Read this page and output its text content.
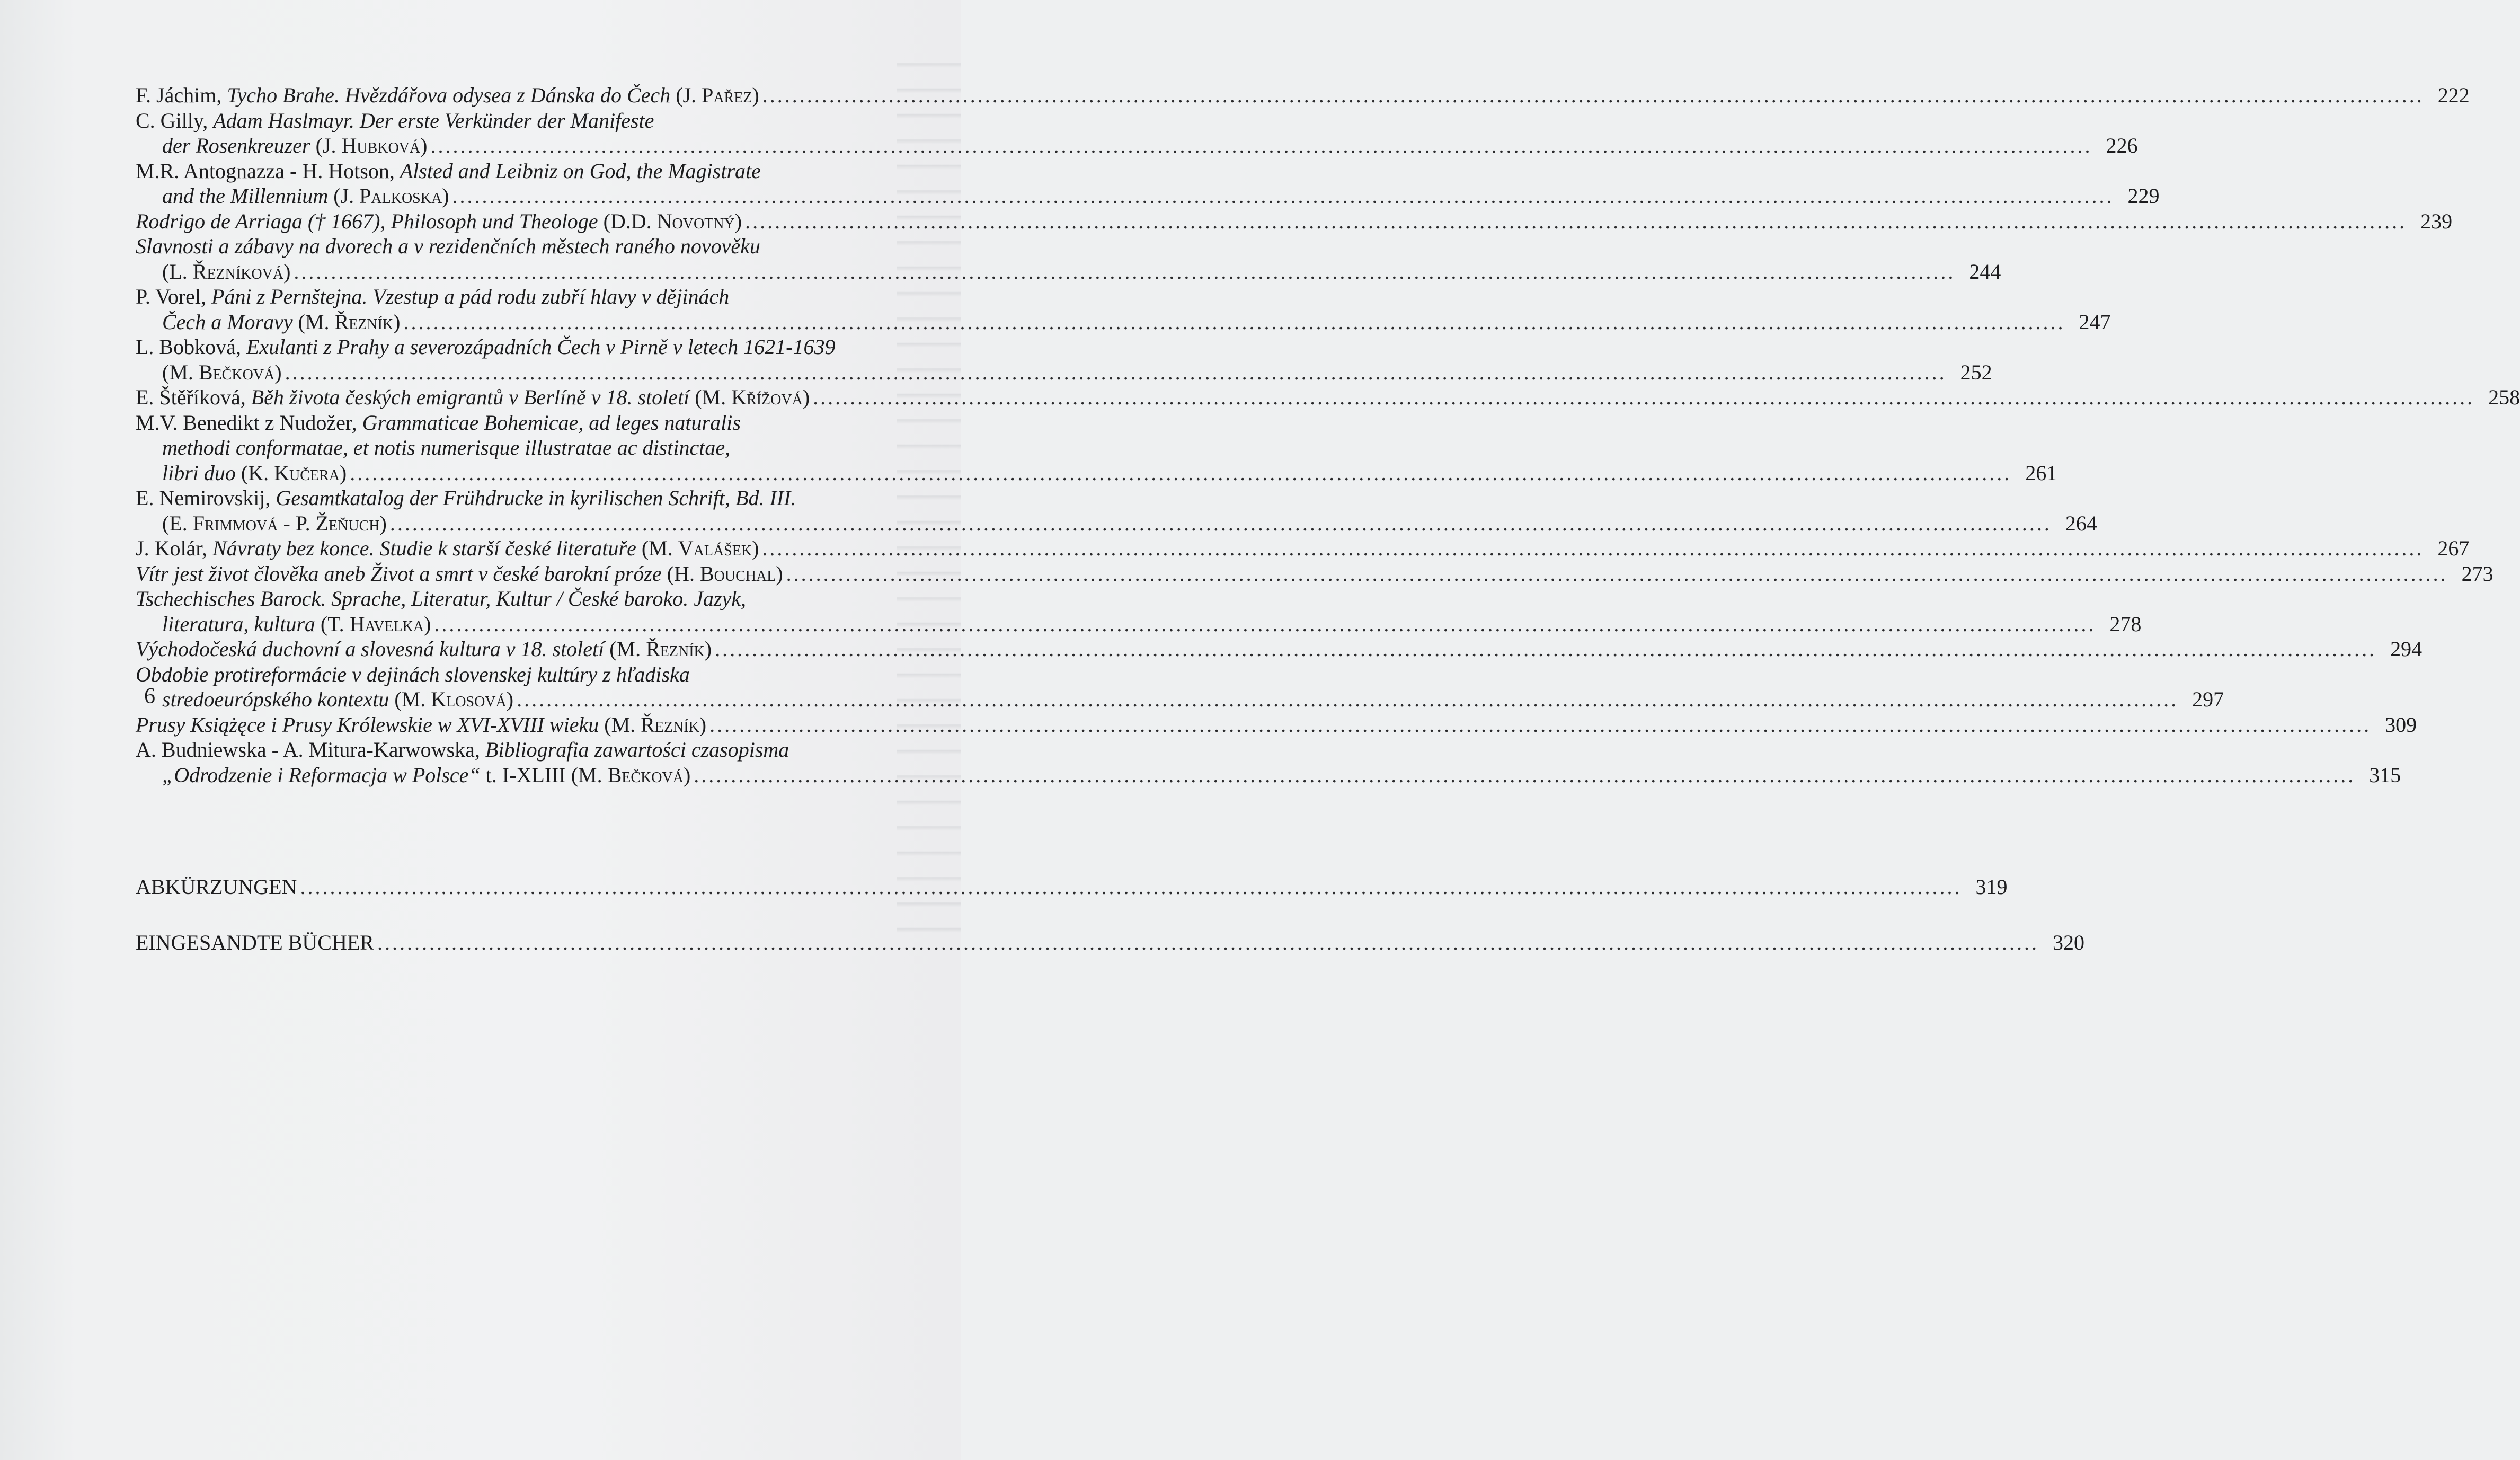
F. Jáchim, Tycho Brahe. Hvězdářova odysea z Dánska do Čech (J. Pařez) .....	222
C. Gilly, Adam Haslmayr. Der erste Verkünder der Manifeste
der Rosenkreuzer (J. Hubková) .....	226
M.R. Antognazza - H. Hotson, Alsted and Leibniz on God, the Magistrate
and the Millennium (J. Palkoska) .....	229
Rodrigo de Arriaga († 1667), Philosoph und Theologe (D.D. Novotný) .....	239
Slavnosti a zábavy na dvorech a v rezidenčních městech raného novověku
(L. Řezníková) .....	244
P. Vorel, Páni z Pernštejna. Vzestup a pád rodu zubří hlavy v dějinách
Čech a Moravy (M. Řezník) .....	247
L. Bobková, Exulanti z Prahy a severozápadních Čech v Pirně v letech 1621-1639
(M. Bečková) .....	252
E. Štěříková, Běh života českých emigrantů v Berlíně v 18. století (M. Křížová) .....	258
M.V. Benedikt z Nudožer, Grammaticae Bohemicae, ad leges naturalis
methodi conformatae, et notis numerisque illustratae ac distinctae,
libri duo (K. Kučera) .....	261
E. Nemirovskij, Gesamtkatalog der Frühdrucke in kyrilischen Schrift, Bd. III.
(E. Frimmová - P. Žeňuch) .....	264
J. Kolár, Návraty bez konce. Studie k starší české literatuře (M. Valášek) .....	267
Vítr jest život člověka aneb Život a smrt v české barokní próze (H. Bouchal) .....	273
Tschechisches Barock. Sprache, Literatur, Kultur / České baroko. Jazyk,
literatura, kultura (T. Havelka) .....	278
Východočeská duchovní a slovesná kultura v 18. století (M. Řezník) .....	294
Obdobie protireformácie v dejinách slovenskej kultúry z hľadiska
stredoeurópského kontextu (M. Klosová) .....	297
Prusy Książęce i Prusy Królewskie w XVI-XVIII wieku (M. Řezník) .....	309
A. Budniewska - A. Mitura-Karwowska, Bibliografia zawartości czasopisma
„Odrodzenie i Reformacja w Polsce“ t. I-XLIII (M. Bečková) .....	315
ABKÜRZUNGEN .....	319
EINGESANDTE BÜCHER .....	320
6
